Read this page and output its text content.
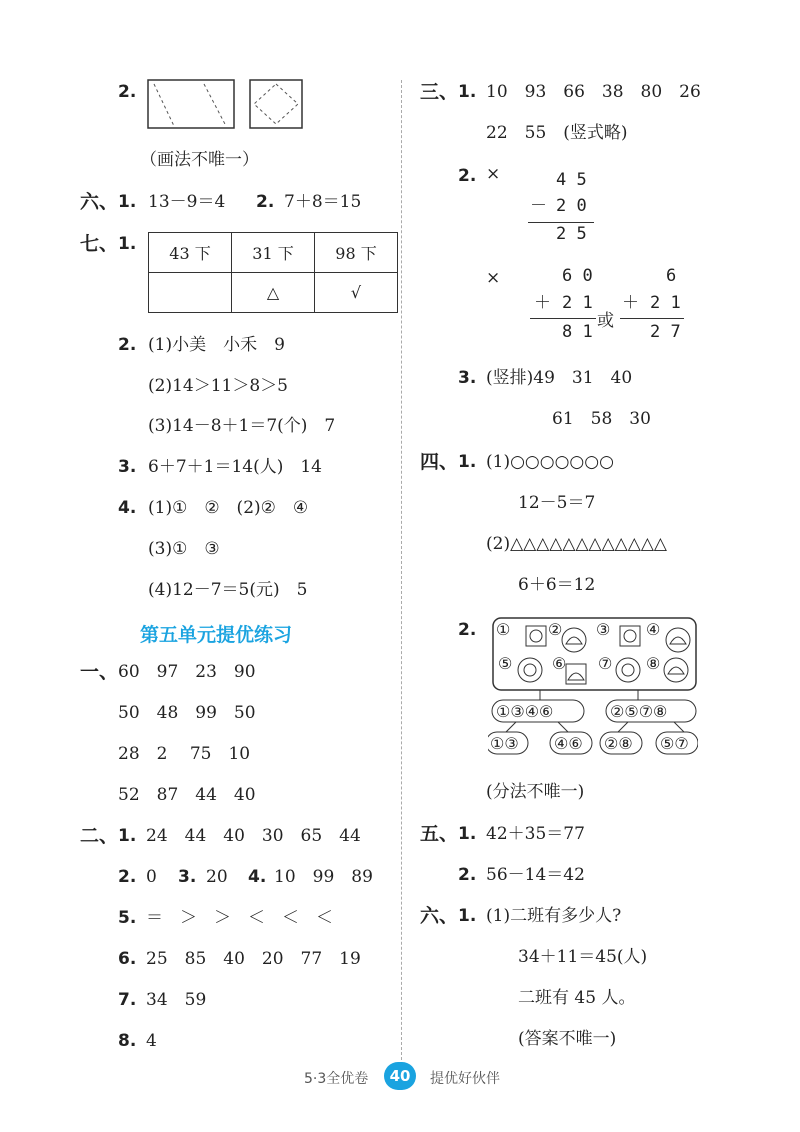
2.
（画法不唯一）
六、 1. 13－9＝4 2. 7＋8＝15
七、 1. 43 下	31 下	98 下
	△	√
2. (1)小美　小禾　9
(2)14＞11＞8＞5
(3)14－8＋1＝7(个)　7
3. 6＋7＋1＝14(人)　14
4. (1)①　②　(2)②　④
(3)①　③
(4)12－7＝5(元)　5
第五单元提优练习
一、 60　97　23　90
50　48　99　50
28　2　 75　10
52　87　44　40
二、 1. 24　44　40　30　65　44
2. 0 3. 20 4. 10　99　89
5. ＝　＞　＞　＜　＜　＜
6. 25　85　40　20　77　19
7. 34　59
8. 4
三、 1. 10　93　66　38　80　26
22　55　(竖式略)
2. ×	4 5
－ 2 0
2 5
×	6 0
＋ 2 1
8 1
或
6
＋ 2 1
2 7
3. (竖排)49　31　40
61　58　30
四、 1. (1)○○○○○○○
12－5＝7
(2)△△△△△△△△△△△△
6＋6＝12
2. ① ② ③ ④
⑤ ⑥ ⑦ ⑧
①③④⑥	②⑤⑦⑧
①③ ④⑥ ②⑧ ⑤⑦
(分法不唯一)
五、 1. 42＋35＝77
2. 56－14＝42
六、 1. (1)二班有多少人?
34＋11＝45(人)
二班有 45 人。
(答案不唯一)
5·3全优卷	40	提优好伙伴
